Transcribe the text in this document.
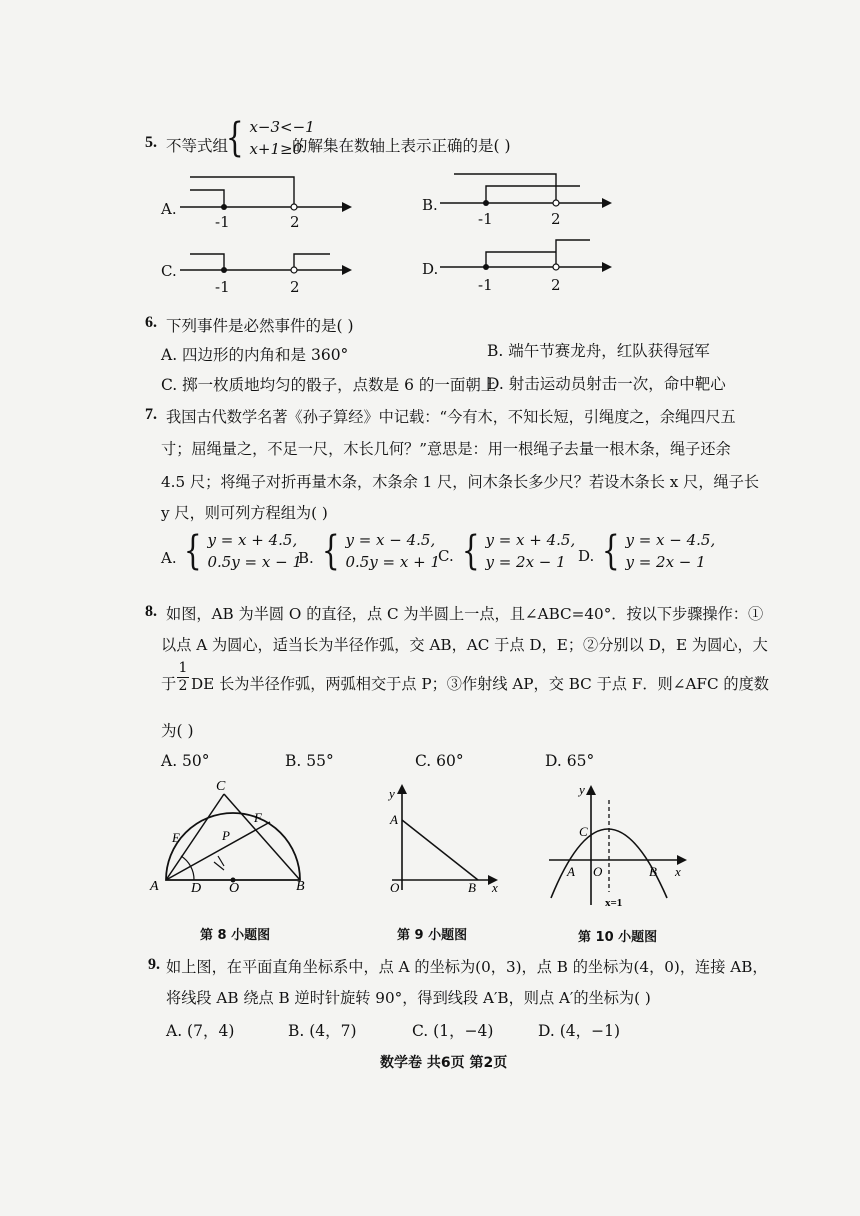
5. 不等式组
{ x−3<−1
x+1≥0
的解集在数轴上表示正确的是( )
A.
-1	2
B.
-1	2
C.
-1	2
D.
-1	2
6. 下列事件是必然事件的是( )
A. 四边形的内角和是 360°	B. 端午节赛龙舟，红队获得冠军
C. 掷一枚质地均匀的骰子，点数是 6 的一面朝上
D. 射击运动员射击一次，命中靶心
7. 我国古代数学名著《孙子算经》中记载：“今有木，不知长短，引绳度之，余绳四尺五
寸；屈绳量之，不足一尺，木长几何？”意思是：用一根绳子去量一根木条，绳子还余
4.5 尺；将绳子对折再量木条，木条余 1 尺，问木条长多少尺？若设木条长 x 尺，绳子长
y 尺，则可列方程组为( )
A. { y = x + 4.5,
0.5y = x − 1
B. { y = x − 4.5,
0.5y = x + 1
C. { y = x + 4.5,
y = 2x − 1 D. { y = x − 4.5,
y = 2x − 1
8. 如图，AB 为半圆 O 的直径，点 C 为半圆上一点，且∠ABC=40°．按以下步骤操作：①
以点 A 为圆心，适当长为半径作弧，交 AB，AC 于点 D，E；②分别以 D，E 为圆心，大
于 $\frac{1}{2}$ DE 长为半径作弧，两弧相交于点 P；③作射线 AP，交 BC 于点 F．则∠AFC 的度数
为( )
A. 50°	B. 55°	C. 60°	D. 65°
A	B
C
D
E
F
O
P
第 8 小题图
y
A
O	B x
第 9 小题图
y
C
A O	B x
x=1
第 10 小题图
9. 如上图，在平面直角坐标系中，点 A 的坐标为(0，3)，点 B 的坐标为(4，0)，连接 AB，
将线段 AB 绕点 B 逆时针旋转 90°，得到线段 A′B，则点 A′的坐标为( )
A. (7，4)	B. (4，7)	C. (1，−4)	D. (4，−1)
数学卷 共6页 第2页
